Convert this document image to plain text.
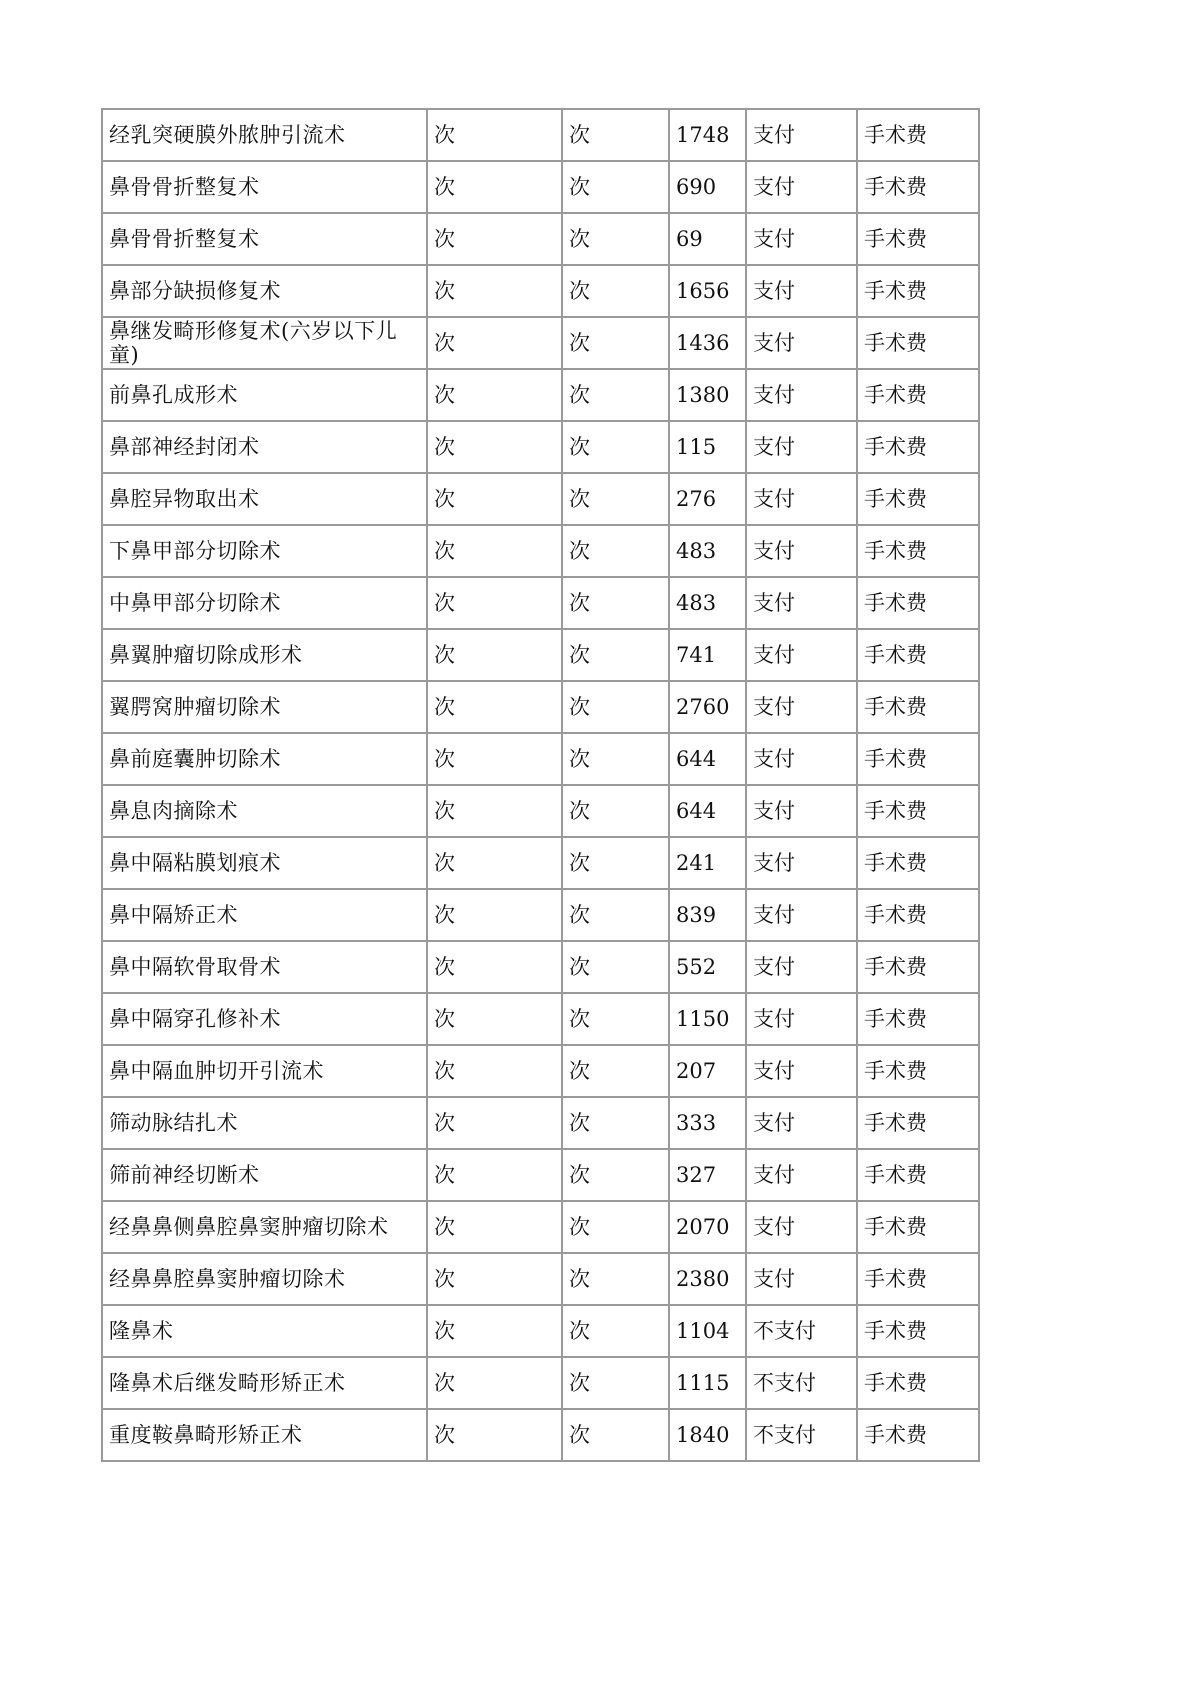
经乳突硬膜外脓肿引流术	次	次	1748	支付	手术费
鼻骨骨折整复术	次	次	690	支付	手术费
鼻骨骨折整复术	次	次	69	支付	手术费
鼻部分缺损修复术	次	次	1656	支付	手术费
鼻继发畸形修复术(六岁以下儿童)	次	次	1436	支付	手术费
前鼻孔成形术	次	次	1380	支付	手术费
鼻部神经封闭术	次	次	115	支付	手术费
鼻腔异物取出术	次	次	276	支付	手术费
下鼻甲部分切除术	次	次	483	支付	手术费
中鼻甲部分切除术	次	次	483	支付	手术费
鼻翼肿瘤切除成形术	次	次	741	支付	手术费
翼腭窝肿瘤切除术	次	次	2760	支付	手术费
鼻前庭囊肿切除术	次	次	644	支付	手术费
鼻息肉摘除术	次	次	644	支付	手术费
鼻中隔粘膜划痕术	次	次	241	支付	手术费
鼻中隔矫正术	次	次	839	支付	手术费
鼻中隔软骨取骨术	次	次	552	支付	手术费
鼻中隔穿孔修补术	次	次	1150	支付	手术费
鼻中隔血肿切开引流术	次	次	207	支付	手术费
筛动脉结扎术	次	次	333	支付	手术费
筛前神经切断术	次	次	327	支付	手术费
经鼻鼻侧鼻腔鼻窦肿瘤切除术	次	次	2070	支付	手术费
经鼻鼻腔鼻窦肿瘤切除术	次	次	2380	支付	手术费
隆鼻术	次	次	1104	不支付	手术费
隆鼻术后继发畸形矫正术	次	次	1115	不支付	手术费
重度鞍鼻畸形矫正术	次	次	1840	不支付	手术费
